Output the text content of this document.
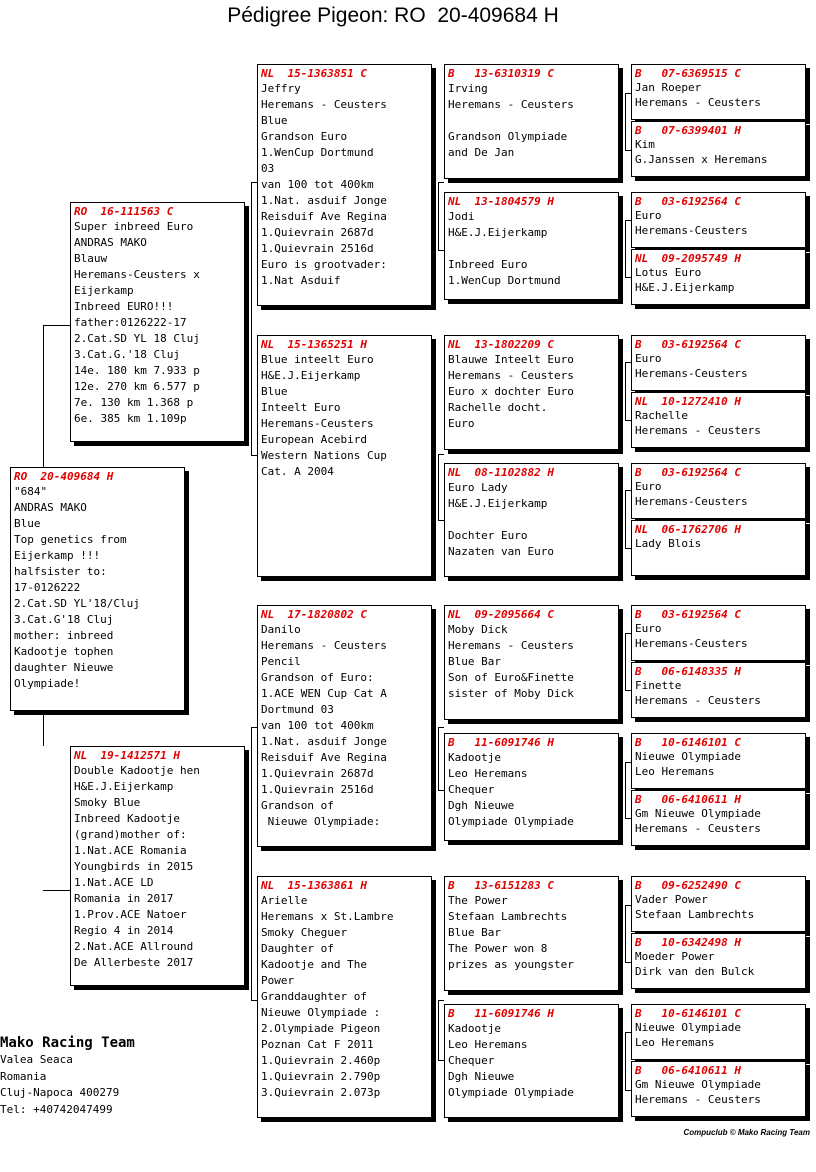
Pédigree Pigeon: RO  20-409684 H
RO  20-409684 H
"684"
ANDRAS MAKO
Blue
Top genetics from
Eijerkamp !!!
halfsister to:
17-0126222
2.Cat.SD YL'18/Cluj
3.Cat.G'18 Cluj
mother: inbreed
Kadootje tophen
daughter Nieuwe
Olympiade!
RO  16-111563 C
Super inbreed Euro
ANDRAS MAKO
Blauw
Heremans-Ceusters x
Eijerkamp
Inbreed EURO!!!
father:0126222-17
2.Cat.SD YL 18 Cluj
3.Cat.G.'18 Cluj
14e. 180 km 7.933 p
12e. 270 km 6.577 p
7e. 130 km 1.368 p
6e. 385 km 1.109p
NL  19-1412571 H
Double Kadootje hen
H&E.J.Eijerkamp
Smoky Blue
Inbreed Kadootje
(grand)mother of:
1.Nat.ACE Romania
Youngbirds in 2015
1.Nat.ACE LD
Romania in 2017
1.Prov.ACE Natoer
Regio 4 in 2014
2.Nat.ACE Allround
De Allerbeste 2017
NL  15-1363851 C
Jeffry
Heremans - Ceusters
Blue
Grandson Euro
1.WenCup Dortmund
03
van 100 tot 400km
1.Nat. asduif Jonge
Reisduif Ave Regina
1.Quievrain 2687d
1.Quievrain 2516d
Euro is grootvader:
1.Nat Asduif
NL  15-1365251 H
Blue inteelt Euro
H&E.J.Eijerkamp
Blue
Inteelt Euro
Heremans-Ceusters
European Acebird
Western Nations Cup
Cat. A 2004
NL  17-1820802 C
Danilo
Heremans - Ceusters
Pencil
Grandson of Euro:
1.ACE WEN Cup Cat A
Dortmund 03
van 100 tot 400km
1.Nat. asduif Jonge
Reisduif Ave Regina
1.Quievrain 2687d
1.Quievrain 2516d
Grandson of
Nieuwe Olympiade:
NL  15-1363861 H
Arielle
Heremans x St.Lambre
Smoky Cheguer
Daughter of
Kadootje and The
Power
Granddaughter of
Nieuwe Olympiade :
2.Olympiade Pigeon
Poznan Cat F 2011
1.Quievrain 2.460p
1.Quievrain 2.790p
3.Quievrain 2.073p
B   13-6310319 C
Irving
Heremans - Ceusters
Grandson Olympiade
and De Jan
NL  13-1804579 H
Jodi
H&E.J.Eijerkamp
Inbreed Euro
1.WenCup Dortmund
NL  13-1802209 C
Blauwe Inteelt Euro
Heremans - Ceusters
Euro x dochter Euro
Rachelle docht.
Euro
NL  08-1102882 H
Euro Lady
H&E.J.Eijerkamp
Dochter Euro
Nazaten van Euro
NL  09-2095664 C
Moby Dick
Heremans - Ceusters
Blue Bar
Son of Euro&Finette
sister of Moby Dick
B   11-6091746 H
Kadootje
Leo Heremans
Chequer
Dgh Nieuwe
Olympiade Olympiade
B   13-6151283 C
The Power
Stefaan Lambrechts
Blue Bar
The Power won 8
prizes as youngster
B   11-6091746 H
Kadootje
Leo Heremans
Chequer
Dgh Nieuwe
Olympiade Olympiade
B   07-6369515 C
Jan Roeper
Heremans - Ceusters
B   07-6399401 H
Kim
G.Janssen x Heremans
B   03-6192564 C
Euro
Heremans-Ceusters
NL  09-2095749 H
Lotus Euro
H&E.J.Eijerkamp
B   03-6192564 C
Euro
Heremans-Ceusters
NL  10-1272410 H
Rachelle
Heremans - Ceusters
B   03-6192564 C
Euro
Heremans-Ceusters
NL  06-1762706 H
Lady Blois
B   03-6192564 C
Euro
Heremans-Ceusters
B   06-6148335 H
Finette
Heremans - Ceusters
B   10-6146101 C
Nieuwe Olympiade
Leo Heremans
B   06-6410611 H
Gm Nieuwe Olympiade
Heremans - Ceusters
B   09-6252490 C
Vader Power
Stefaan Lambrechts
B   10-6342498 H
Moeder Power
Dirk van den Bulck
B   10-6146101 C
Nieuwe Olympiade
Leo Heremans
B   06-6410611 H
Gm Nieuwe Olympiade
Heremans - Ceusters
Mako Racing Team
Valea Seaca
Romania
Cluj-Napoca 400279
Tel: +40742047499
Compuclub © Mako Racing Team
